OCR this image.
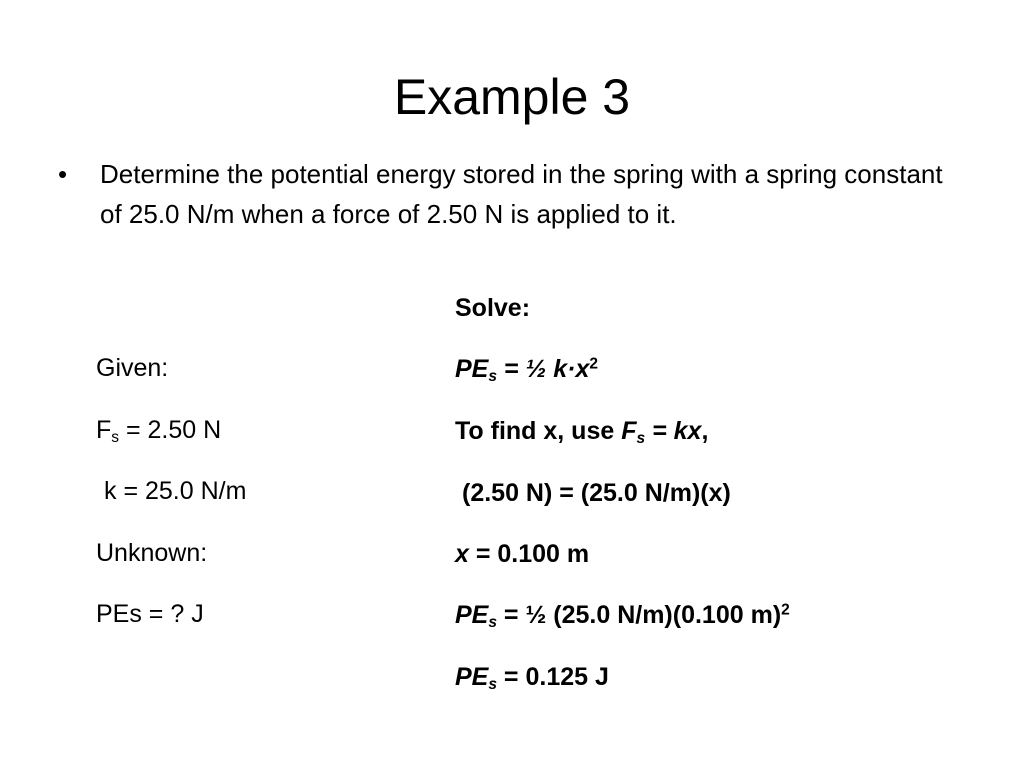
Example 3
•	Determine the potential energy stored in the spring with a spring constant of 25.0 N/m when a force of 2.50 N is applied to it.
Given:
$F_s = 2.50$ N
k = 25.0 N/m
Unknown:
PEs = ? J
Solve:
$PE_s$ = ½ $k\cdot x^2$
To find x, use $F_s$ = kx,
(2.50 N) = (25.0 N/m)(x)
x = 0.100 m
$PE_s$ = ½ (25.0 N/m)(0.100 m)$^2$
$PE_s = 0.125$ J
